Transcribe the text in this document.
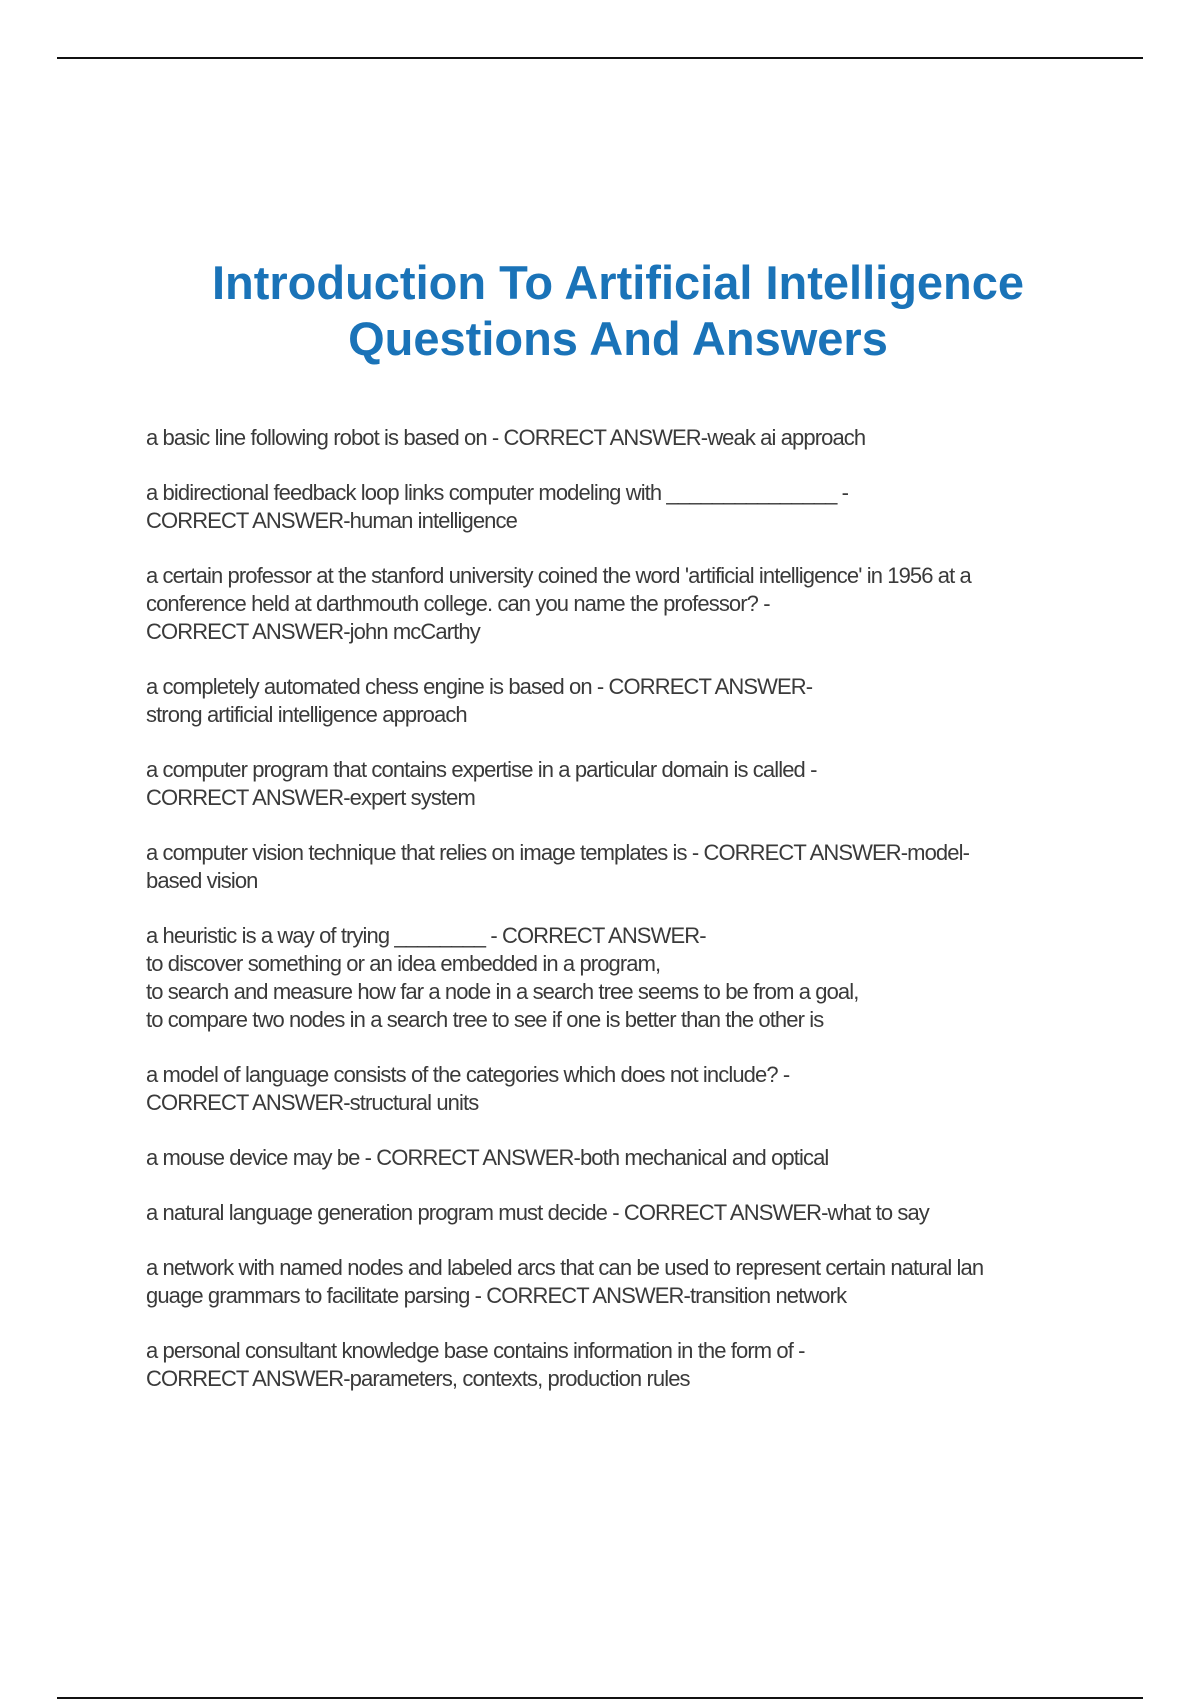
Introduction To Artificial Intelligence
Questions And Answers

a basic line following robot is based on - CORRECT ANSWER-weak ai approach

a bidirectional feedback loop links computer modeling with _______________ -
CORRECT ANSWER-human intelligence

a certain professor at the stanford university coined the word 'artificial intelligence' in 1956 at a
conference held at darthmouth college. can you name the professor? -
CORRECT ANSWER-john mcCarthy

a completely automated chess engine is based on - CORRECT ANSWER-
strong artificial intelligence approach

a computer program that contains expertise in a particular domain is called -
CORRECT ANSWER-expert system

a computer vision technique that relies on image templates is - CORRECT ANSWER-model-
based vision

a heuristic is a way of trying ________ - CORRECT ANSWER-
to discover something or an idea embedded in a program,
to search and measure how far a node in a search tree seems to be from a goal,
to compare two nodes in a search tree to see if one is better than the other is

a model of language consists of the categories which does not include? -
CORRECT ANSWER-structural units

a mouse device may be - CORRECT ANSWER-both mechanical and optical

a natural language generation program must decide - CORRECT ANSWER-what to say

a network with named nodes and labeled arcs that can be used to represent certain natural lan
guage grammars to facilitate parsing - CORRECT ANSWER-transition network

a personal consultant knowledge base contains information in the form of -
CORRECT ANSWER-parameters, contexts, production rules
